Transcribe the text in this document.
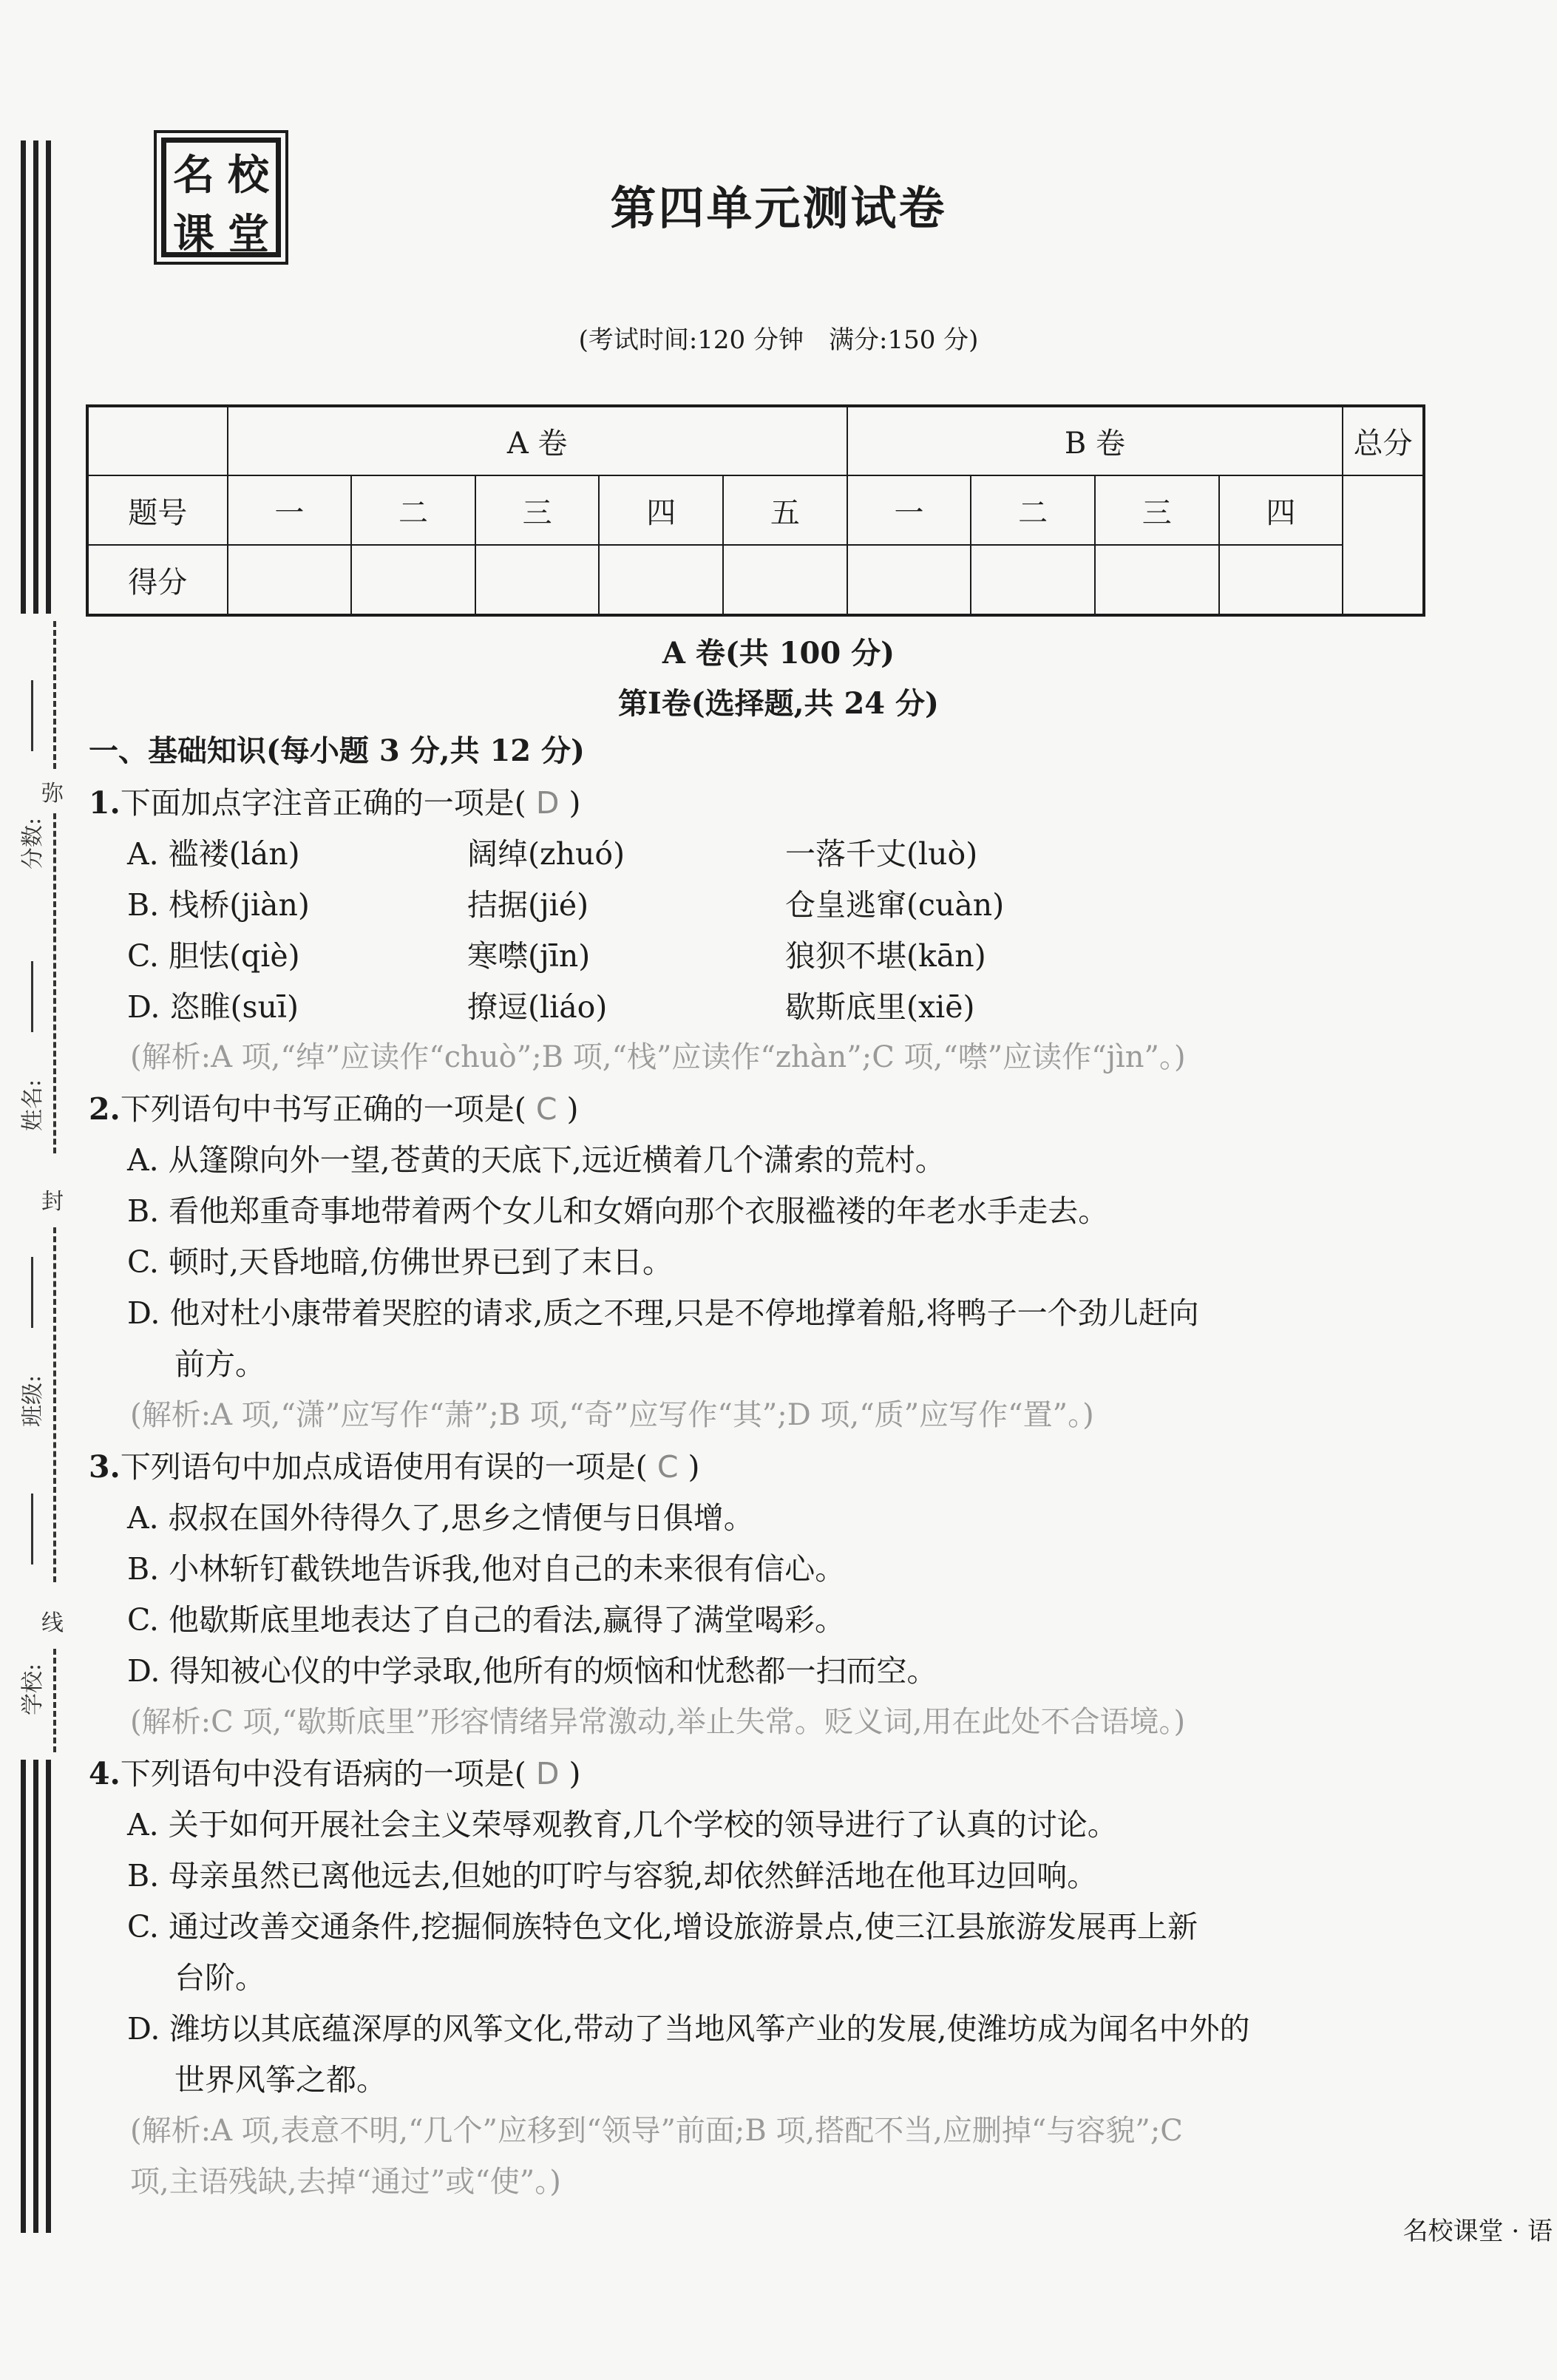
弥
封
线
分数:
姓名:
班级:
学校:
名 校
课 堂	第四单元测试卷
(考试时间:120 分钟　满分:150 分)
	A 卷					B 卷				总分
题号	一	二	三	四	五	一	二	三	四	
得分										
A 卷(共 100 分)
第Ⅰ卷(选择题,共 24 分)
一、基础知识(每小题 3 分,共 12 分)
1.下面加点字注音正确的一项是( D )
A. 褴褛(lán)	阔绰(zhuó)	一落千丈(luò)
B. 栈桥(jiàn)	拮据(jié)	仓皇逃窜(cuàn)
C. 胆怯(qiè)	寒噤(jīn)	狼狈不堪(kān)
D. 恣睢(suī)	撩逗(liáo)	歇斯底里(xiē)
(解析:A 项,“绰”应读作“chuò”;B 项,“栈”应读作“zhàn”;C 项,“噤”应读作“jìn”。)
2.下列语句中书写正确的一项是( C )
A. 从篷隙向外一望,苍黄的天底下,远近横着几个潇索的荒村。
B. 看他郑重奇事地带着两个女儿和女婿向那个衣服褴褛的年老水手走去。
C. 顿时,天昏地暗,仿佛世界已到了末日。
D. 他对杜小康带着哭腔的请求,质之不理,只是不停地撑着船,将鸭子一个劲儿赶向
前方。
(解析:A 项,“潇”应写作“萧”;B 项,“奇”应写作“其”;D 项,“质”应写作“置”。)
3.下列语句中加点成语使用有误的一项是( C )
A. 叔叔在国外待得久了,思乡之情便与日俱增。
B. 小林斩钉截铁地告诉我,他对自己的未来很有信心。
C. 他歇斯底里地表达了自己的看法,赢得了满堂喝彩。
D. 得知被心仪的中学录取,他所有的烦恼和忧愁都一扫而空。
(解析:C 项,“歇斯底里”形容情绪异常激动,举止失常。贬义词,用在此处不合语境。)
4.下列语句中没有语病的一项是( D )
A. 关于如何开展社会主义荣辱观教育,几个学校的领导进行了认真的讨论。
B. 母亲虽然已离他远去,但她的叮咛与容貌,却依然鲜活地在他耳边回响。
C. 通过改善交通条件,挖掘侗族特色文化,增设旅游景点,使三江县旅游发展再上新
台阶。
D. 潍坊以其底蕴深厚的风筝文化,带动了当地风筝产业的发展,使潍坊成为闻名中外的
世界风筝之都。
(解析:A 项,表意不明,“几个”应移到“领导”前面;B 项,搭配不当,应删掉“与容貌”;C
项,主语残缺,去掉“通过”或“使”。)
名校课堂 · 语
